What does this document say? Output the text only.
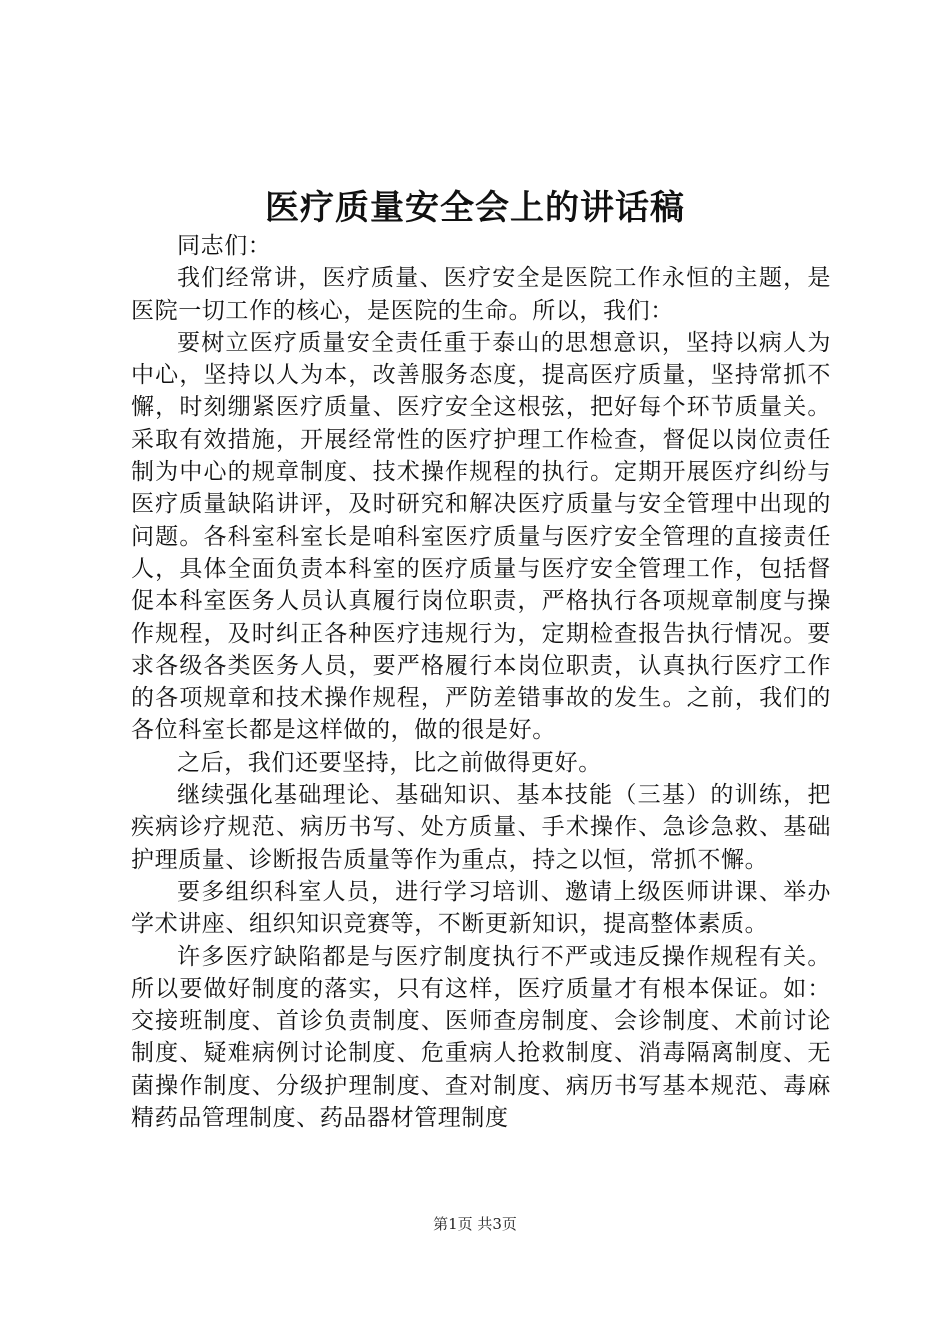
医疗质量安全会上的讲话稿

同志们：

我们经常讲，医疗质量、医疗安全是医院工作永恒的主题，是医院一切工作的核心，是医院的生命。所以，我们：

要树立医疗质量安全责任重于泰山的思想意识，坚持以病人为中心，坚持以人为本，改善服务态度，提高医疗质量，坚持常抓不懈，时刻绷紧医疗质量、医疗安全这根弦，把好每个环节质量关。采取有效措施，开展经常性的医疗护理工作检查，督促以岗位责任制为中心的规章制度、技术操作规程的执行。定期开展医疗纠纷与医疗质量缺陷讲评，及时研究和解决医疗质量与安全管理中出现的问题。各科室科室长是咱科室医疗质量与医疗安全管理的直接责任人，具体全面负责本科室的医疗质量与医疗安全管理工作，包括督促本科室医务人员认真履行岗位职责，严格执行各项规章制度与操作规程，及时纠正各种医疗违规行为，定期检查报告执行情况。要求各级各类医务人员，要严格履行本岗位职责，认真执行医疗工作的各项规章和技术操作规程，严防差错事故的发生。之前，我们的各位科室长都是这样做的，做的很是好。

之后，我们还要坚持，比之前做得更好。

继续强化基础理论、基础知识、基本技能（三基）的训练，把疾病诊疗规范、病历书写、处方质量、手术操作、急诊急救、基础护理质量、诊断报告质量等作为重点，持之以恒，常抓不懈。

要多组织科室人员，进行学习培训、邀请上级医师讲课、举办学术讲座、组织知识竞赛等，不断更新知识，提高整体素质。

许多医疗缺陷都是与医疗制度执行不严或违反操作规程有关。所以要做好制度的落实，只有这样，医疗质量才有根本保证。如：交接班制度、首诊负责制度、医师查房制度、会诊制度、术前讨论制度、疑难病例讨论制度、危重病人抢救制度、消毒隔离制度、无菌操作制度、分级护理制度、查对制度、病历书写基本规范、毒麻精药品管理制度、药品器材管理制度

第1页 共3页
